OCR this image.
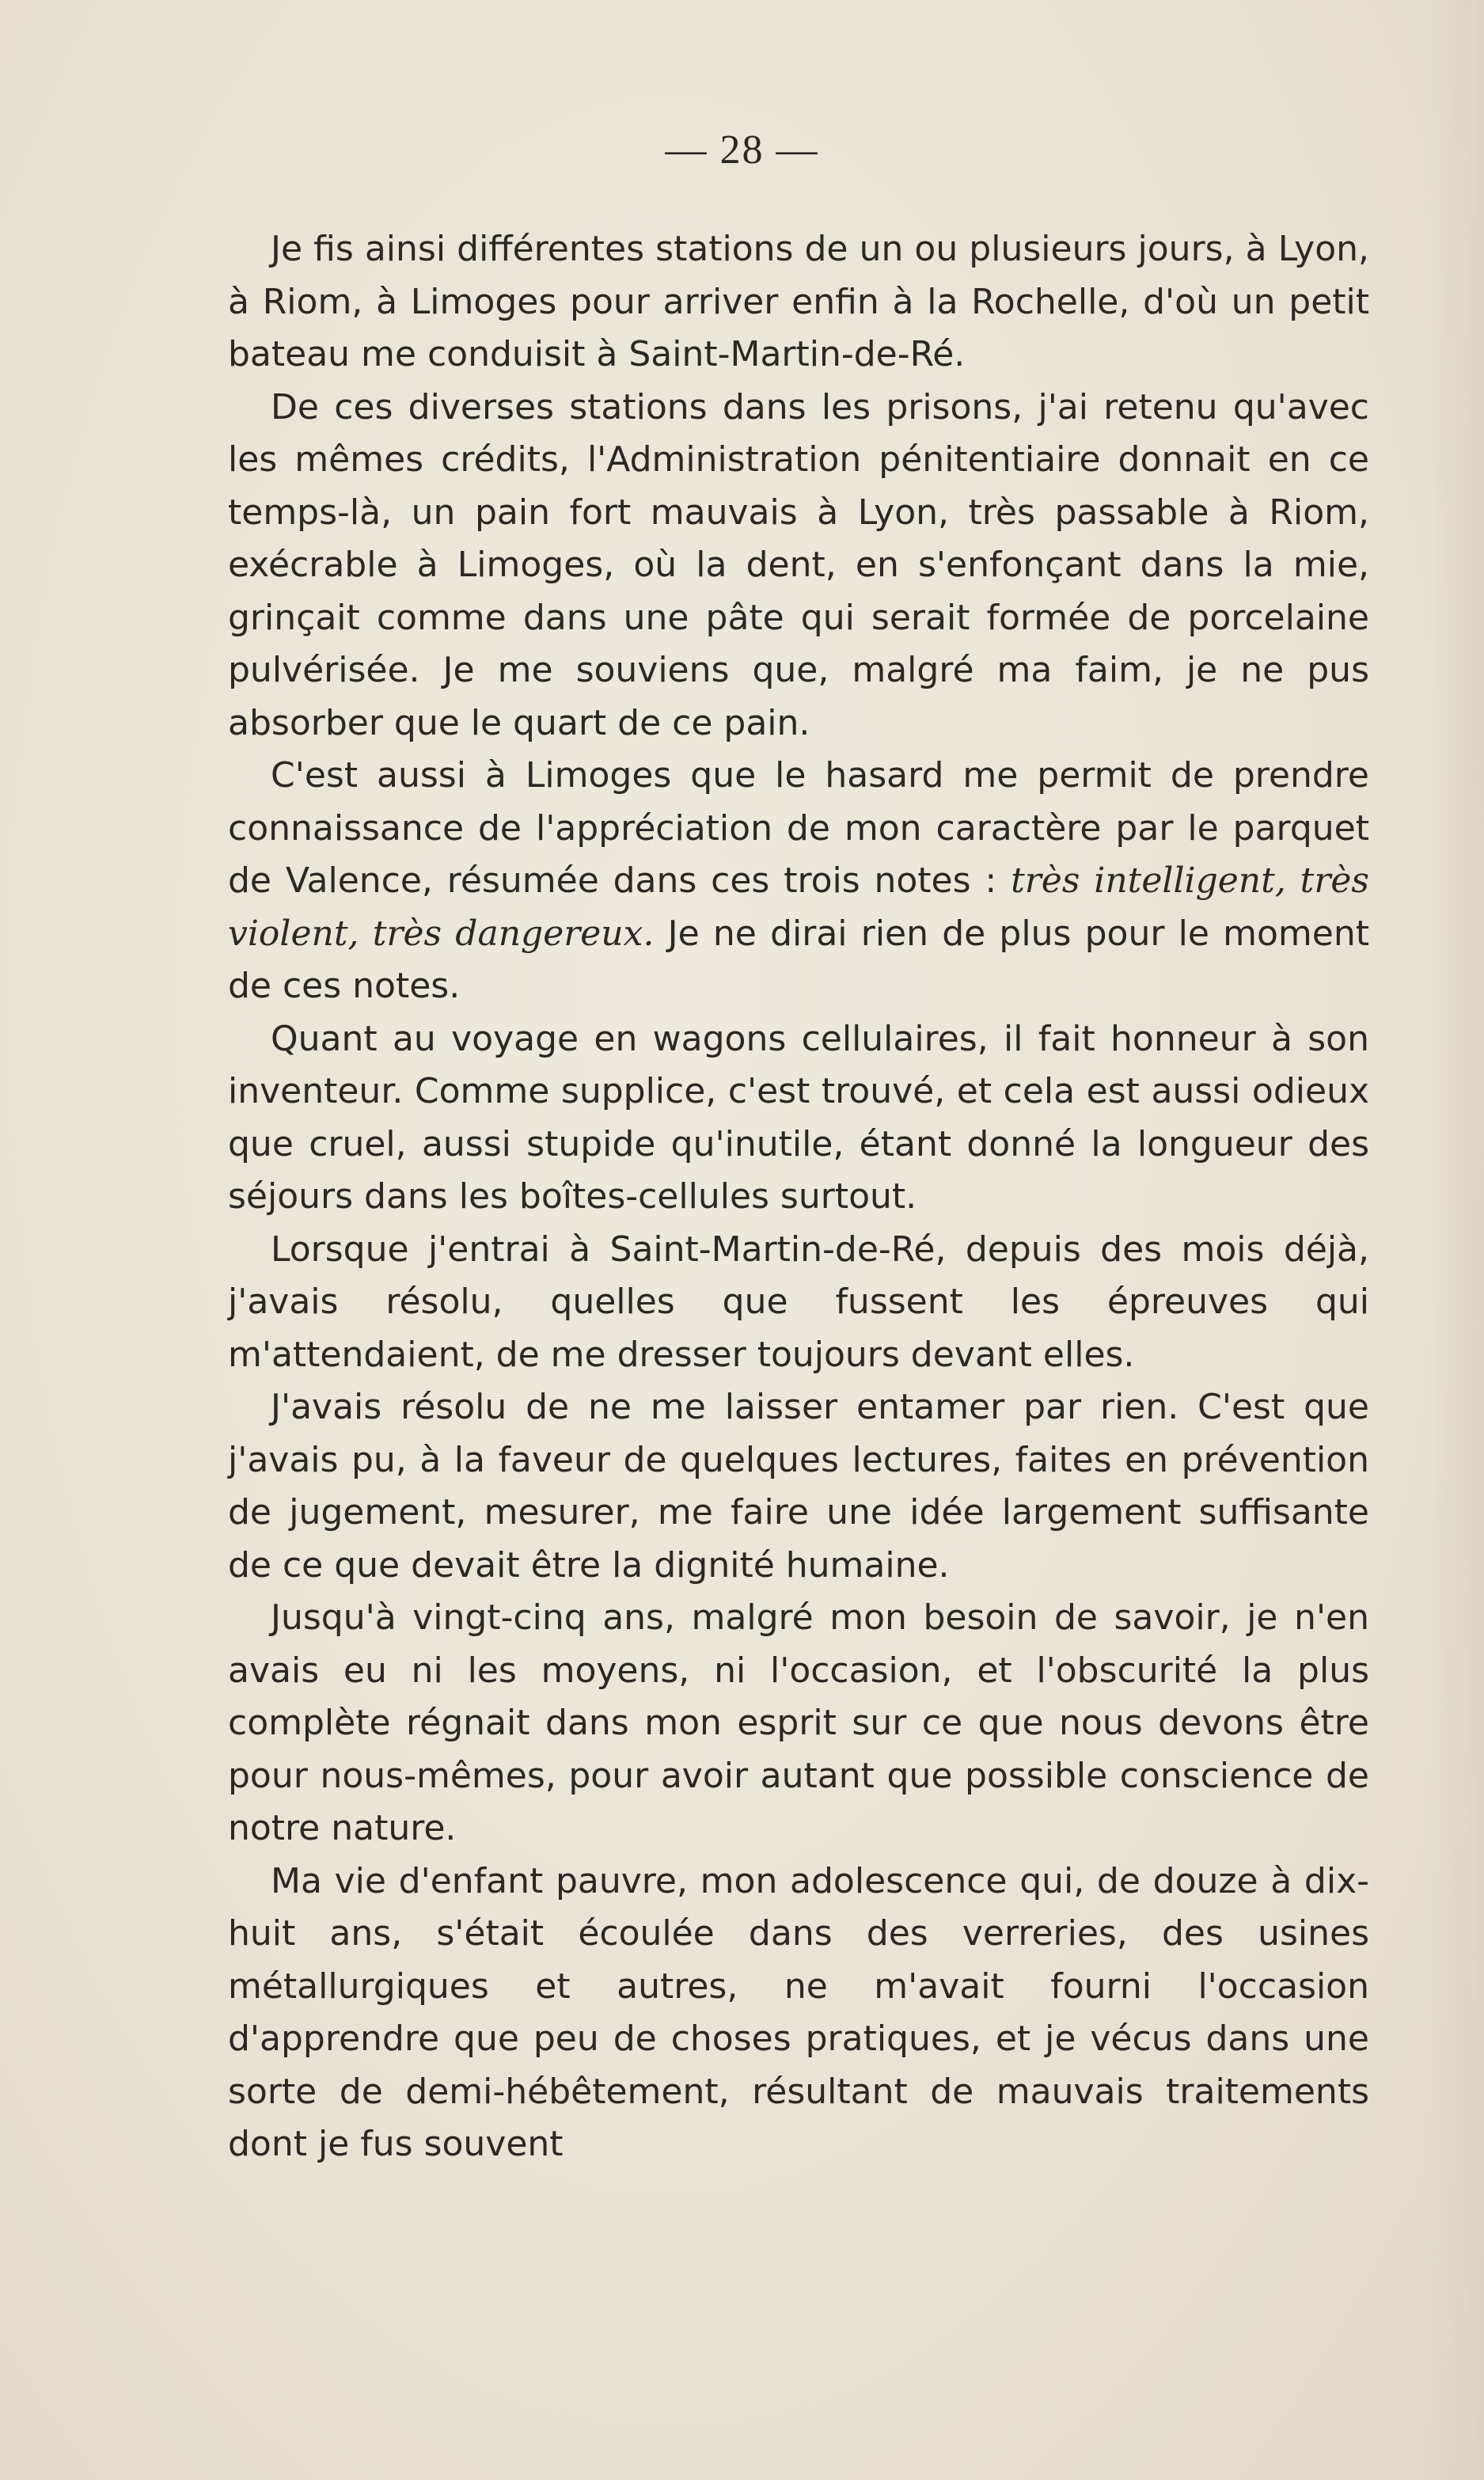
— 28 —

Je fis ainsi différentes stations de un ou plusieurs jours, à Lyon, à Riom, à Limoges pour arriver enfin à la Rochelle, d'où un petit bateau me conduisit à Saint-Martin-de-Ré.

De ces diverses stations dans les prisons, j'ai retenu qu'avec les mêmes crédits, l'Administration pénitentiaire donnait en ce temps-là, un pain fort mauvais à Lyon, très passable à Riom, exécrable à Limoges, où la dent, en s'enfonçant dans la mie, grinçait comme dans une pâte qui serait formée de porcelaine pulvérisée. Je me souviens que, malgré ma faim, je ne pus absorber que le quart de ce pain.

C'est aussi à Limoges que le hasard me permit de prendre connaissance de l'appréciation de mon caractère par le parquet de Valence, résumée dans ces trois notes : très intelligent, très violent, très dangereux. Je ne dirai rien de plus pour le moment de ces notes.

Quant au voyage en wagons cellulaires, il fait honneur à son inventeur. Comme supplice, c'est trouvé, et cela est aussi odieux que cruel, aussi stupide qu'inutile, étant donné la longueur des séjours dans les boîtes-cellules surtout.

Lorsque j'entrai à Saint-Martin-de-Ré, depuis des mois déjà, j'avais résolu, quelles que fussent les épreuves qui m'attendaient, de me dresser toujours devant elles.

J'avais résolu de ne me laisser entamer par rien. C'est que j'avais pu, à la faveur de quelques lectures, faites en prévention de jugement, mesurer, me faire une idée largement suffisante de ce que devait être la dignité humaine.

Jusqu'à vingt-cinq ans, malgré mon besoin de savoir, je n'en avais eu ni les moyens, ni l'occasion, et l'obscurité la plus complète régnait dans mon esprit sur ce que nous devons être pour nous-mêmes, pour avoir autant que possible conscience de notre nature.

Ma vie d'enfant pauvre, mon adolescence qui, de douze à dix-huit ans, s'était écoulée dans des verreries, des usines métallurgiques et autres, ne m'avait fourni l'occasion d'apprendre que peu de choses pratiques, et je vécus dans une sorte de demi-hébêtement, résultant de mauvais traitements dont je fus souvent
